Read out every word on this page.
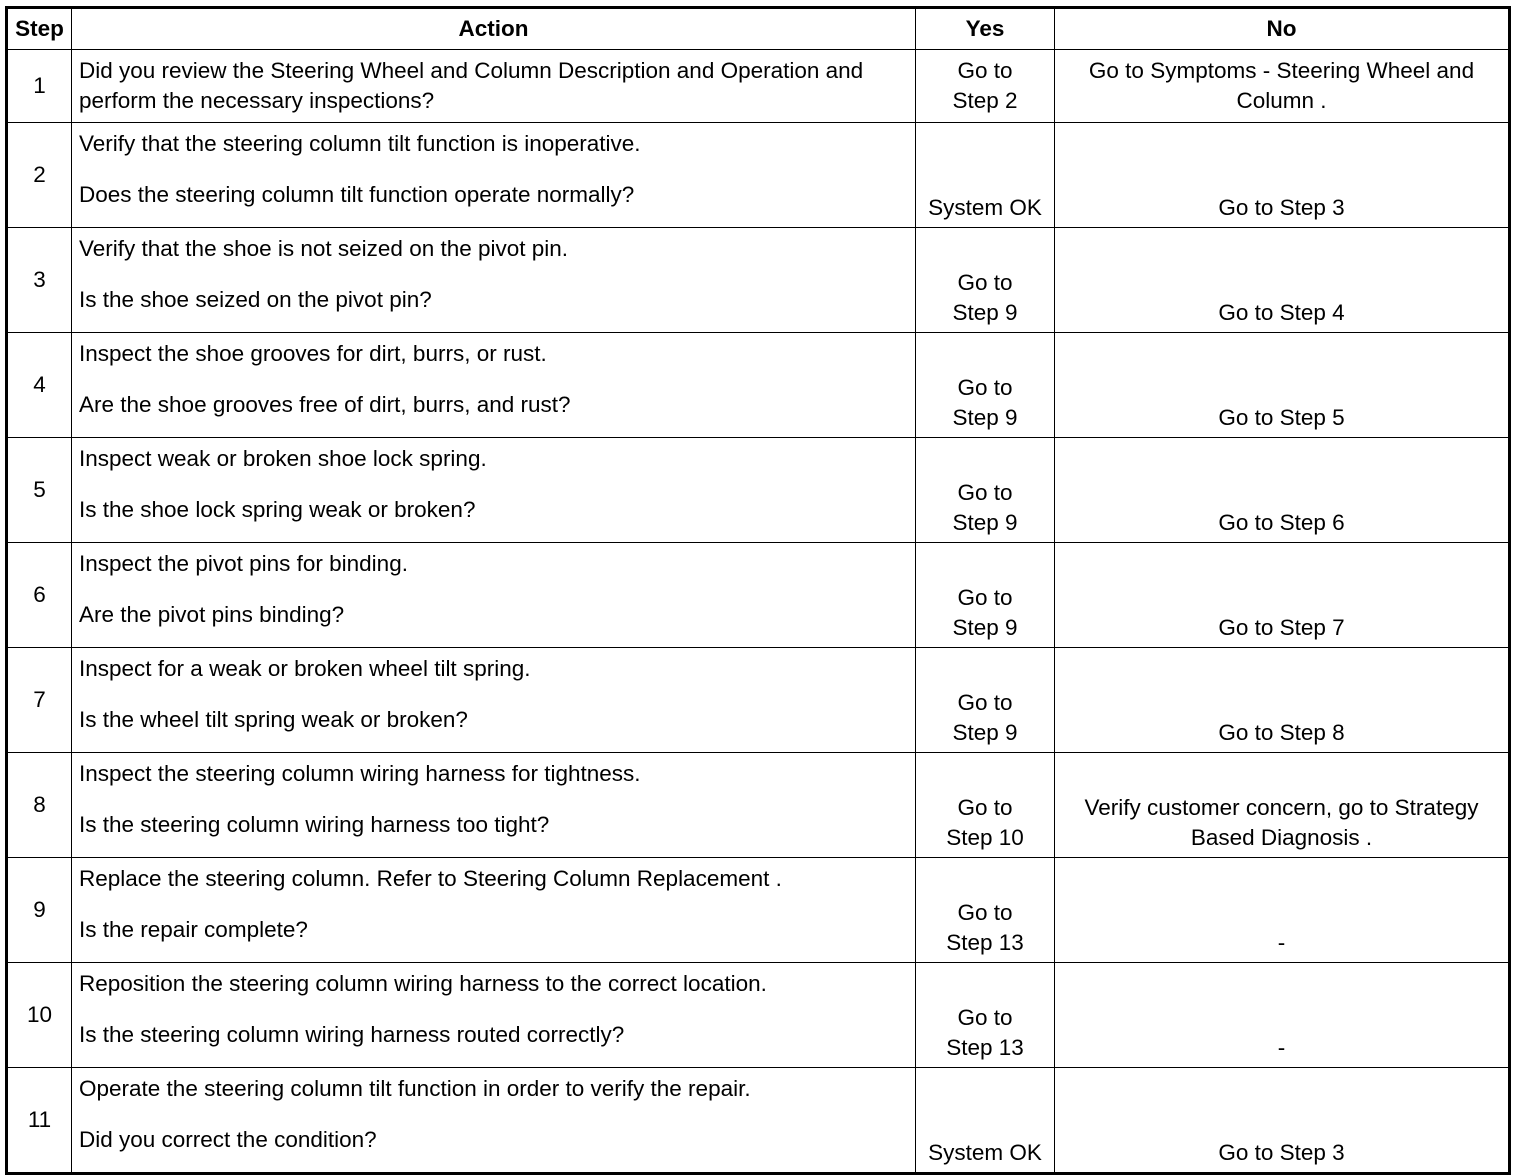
Step	Action	Yes	No
1	Did you review the Steering Wheel and Column Description and Operation and perform the necessary inspections?	Go to
Step 2	Go to Symptoms - Steering Wheel and
Column .

2	Verify that the steering column tilt function is inoperative.
Does the steering column tilt function operate normally?	System OK	Go to Step 3

3	Verify that the shoe is not seized on the pivot pin.
Is the shoe seized on the pivot pin?	Go to
Step 9	Go to Step 4

4	Inspect the shoe grooves for dirt, burrs, or rust.
Are the shoe grooves free of dirt, burrs, and rust?	Go to
Step 9	Go to Step 5

5	Inspect weak or broken shoe lock spring.
Is the shoe lock spring weak or broken?	Go to
Step 9	Go to Step 6

6	Inspect the pivot pins for binding.
Are the pivot pins binding?	Go to
Step 9	Go to Step 7

7	Inspect for a weak or broken wheel tilt spring.
Is the wheel tilt spring weak or broken?	Go to
Step 9	Go to Step 8

8	Inspect the steering column wiring harness for tightness.
Is the steering column wiring harness too tight?	Go to
Step 10	Verify customer concern, go to Strategy
Based Diagnosis .

9	Replace the steering column. Refer to Steering Column Replacement .
Is the repair complete?	Go to
Step 13	-

10	Reposition the steering column wiring harness to the correct location.
Is the steering column wiring harness routed correctly?	Go to
Step 13	-

11	Operate the steering column tilt function in order to verify the repair.
Did you correct the condition?	System OK	Go to Step 3
